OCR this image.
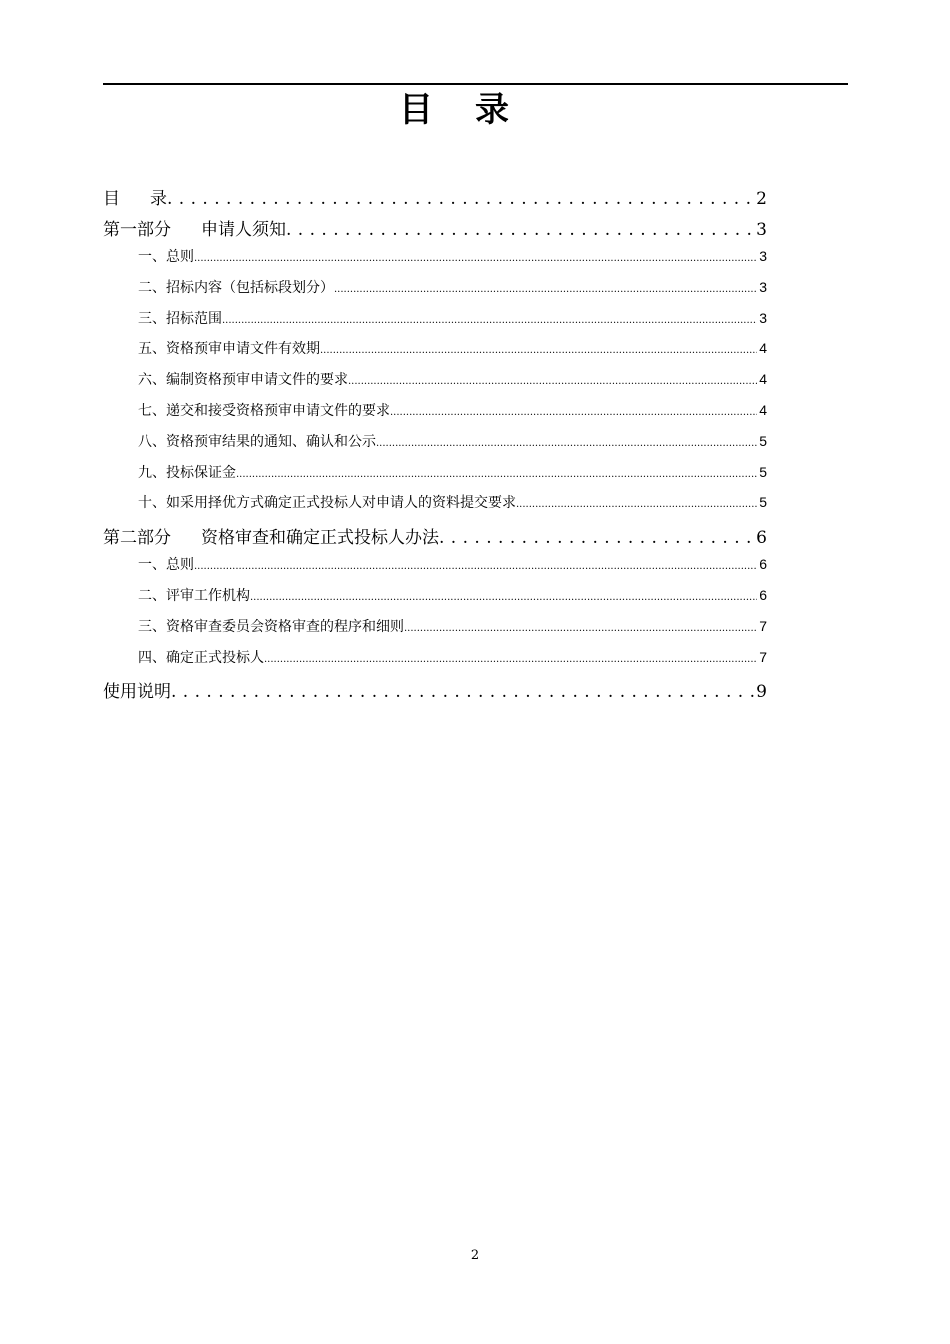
目录
目 录 . . .	2
第一部分 申请人须知 . . .	3
一、总则 .....	3
二、招标内容（包括标段划分） .....	3
三、招标范围 .....	3
五、资格预审申请文件有效期 .....	4
六、编制资格预审申请文件的要求 .....	4
七、递交和接受资格预审申请文件的要求 .....	4
八、资格预审结果的通知、确认和公示 .....	5
九、投标保证金 .....	5
十、如采用择优方式确定正式投标人对申请人的资料提交要求 .....	5
第二部分 资格审查和确定正式投标人办法 . . .	6
一、总则 .....	6
二、评审工作机构 .....	6
三、资格审查委员会资格审查的程序和细则 .....	7
四、确定正式投标人 .....	7
使用说明 . . .	9
2
